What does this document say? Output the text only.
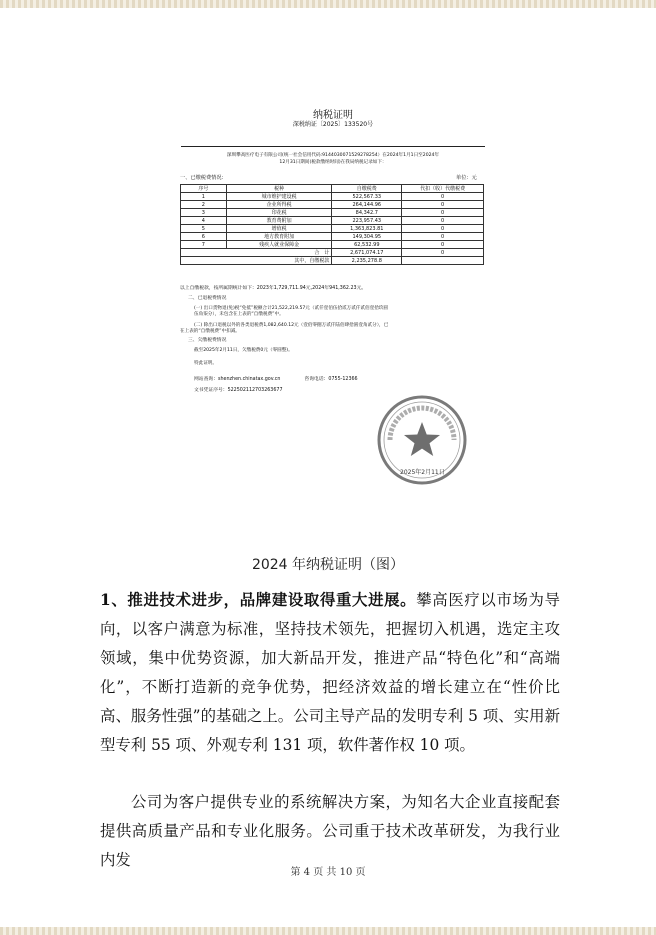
纳税证明
深税纳证〔2025〕133520号
深圳攀高医疗电子有限公司(统一社会信用代码:9144030071529278254）在2024年1月1日至2024年
12月31日期间(税款缴纳时间)在我局纳税记录如下：
一、已缴税费情况：	单位：元
序号	税种	自缴税费	代扣（收）代缴税费
1	城市维护建设税	522,567.33	0
2	企业所得税	264,144.96	0
3	印花税	84,342.7	0
4	教育费附加	223,957.43	0
5	增值税	1,363,823.81	0
6	地方教育附加	149,304.95	0
7	残疾人就业保障金	62,532.99	0
合　计		2,671,074.17	0
其中，自缴税款		2,235,278.8	
以上自缴税款，按所属期统计如下：2023年1,729,711.94元,2024年941,362.23元。
二、已退税费情况
(一) 出口货物退(免)税“免抵”税额合计21,522,219.57元（贰仟壹佰伍拾贰万贰仟贰佰壹拾玖圆
伍角柒分），未包含在上表的“自缴税费”中。
(二) 除出口退税以外的各类退税费1,082,640.12元（壹佰零捌万贰仟陆佰肆拾圆壹角贰分），已
在上表的“自缴税费”中扣减。
三、欠缴税费情况
截至2025年2月11日，欠缴税费0元（零圆整)。
特此证明。
网站查询：shenzhen.chinatax.gov.cn	咨询电话：0755-12366
文书凭证序号：522502112703263677
2025年2月11日
2024 年纳税证明（图）
1、推进技术进步，品牌建设取得重大进展。攀高医疗以市场为导向，以客户满意为标准，坚持技术领先，把握切入机遇，选定主攻领域，集中优势资源，加大新品开发，推进产品“特色化”和“高端化”，不断打造新的竞争优势，把经济效益的增长建立在“性价比高、服务性强”的基础之上。公司主导产品的发明专利 5 项、实用新型专利 55 项、外观专利 131 项，软件著作权 10 项。
公司为客户提供专业的系统解决方案，为知名大企业直接配套提供高质量产品和专业化服务。公司重于技术改革研发，为我行业内发
第 4 页 共 10 页
